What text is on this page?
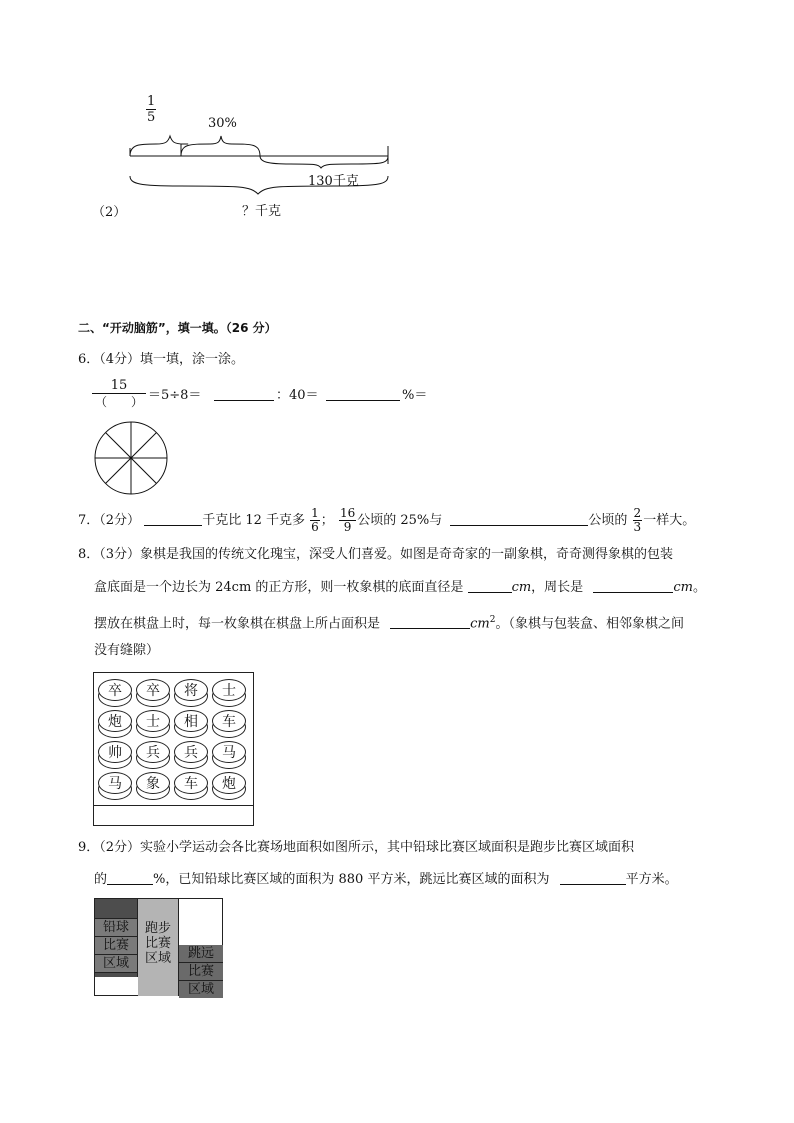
$\frac{1}{5}$	30%
130千克
（2）	？千克
二、“开动脑筋”，填一填。（26 分）
6．（4分）填一填，涂一涂。
15
（　　） ＝5÷8＝	：40＝	%＝
7．（2分）	千克比 12 千克多 $\frac{1}{6}$ ； $\frac{16}{9}$ 公顷的 25%与	公顷的 $\frac{2}{3}$ 一样大。
8．（3分）象棋是我国的传统文化瑰宝，深受人们喜爱。如图是奇奇家的一副象棋，奇奇测得象棋的包装
盒底面是一个边长为 24cm 的正方形，则一枚象棋的底面直径是	cm，周长是	cm。
摆放在棋盘上时，每一枚象棋在棋盘上所占面积是	$cm^2$。（象棋与包装盒、相邻象棋之间
没有缝隙）
卒	卒	将	士
炮	士	相	车
帅	兵	兵	马
马	象	车	炮
9．（2分）实验小学运动会各比赛场地面积如图所示，其中铅球比赛区域面积是跑步比赛区域面积
的	%，已知铅球比赛区域的面积为 880 平方米，跳远比赛区域的面积为	平方米。
铅球
比赛
区域
跑步
比赛
区域	跳远
比赛
区域
